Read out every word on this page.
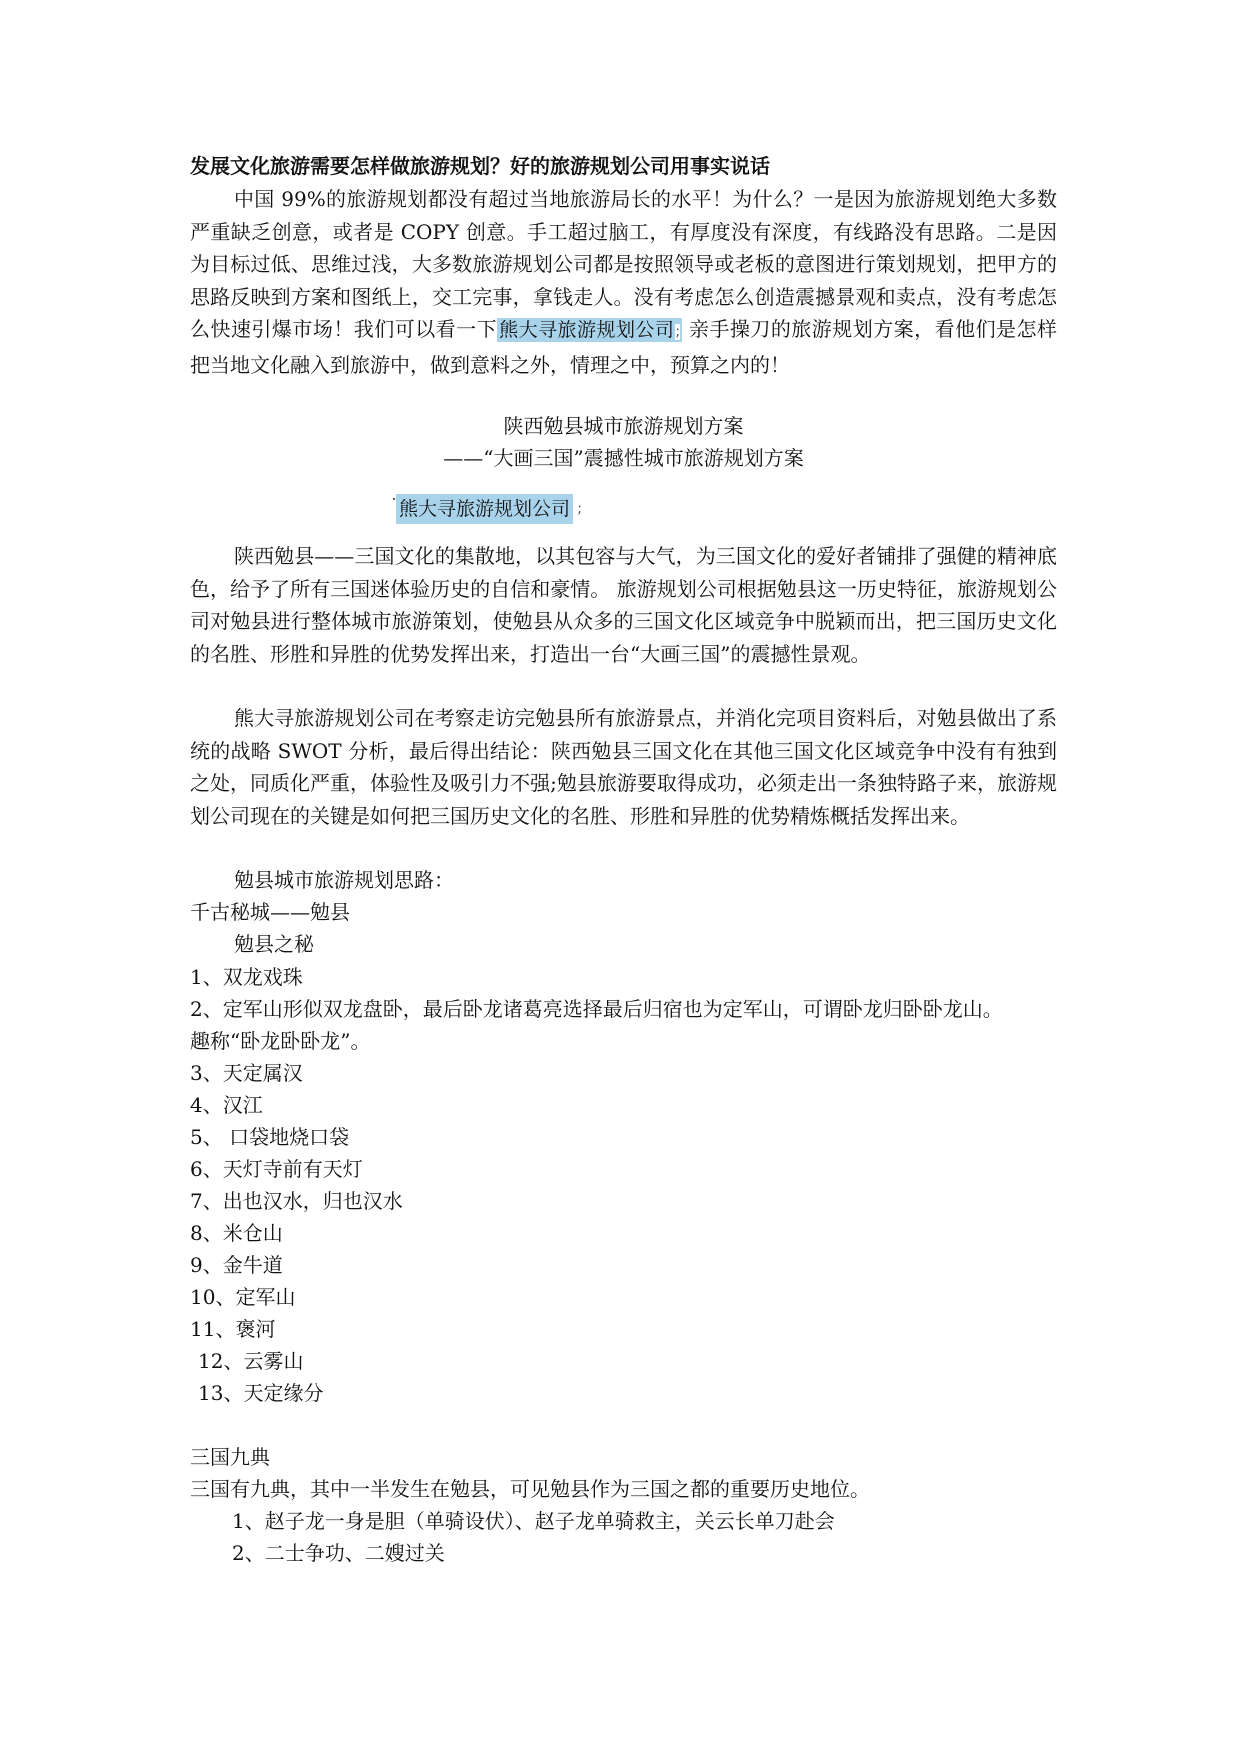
发展文化旅游需要怎样做旅游规划？好的旅游规划公司用事实说话

中国 99%的旅游规划都没有超过当地旅游局长的水平！为什么？一是因为旅游规划绝大多数严重缺乏创意，或者是 COPY 创意。手工超过脑工，有厚度没有深度，有线路没有思路。二是因为目标过低、思维过浅，大多数旅游规划公司都是按照领导或老板的意图进行策划规划，把甲方的思路反映到方案和图纸上，交工完事，拿钱走人。没有考虑怎么创造震撼景观和卖点，没有考虑怎么快速引爆市场！我们可以看一下 熊大寻旅游规划公司 ; 亲手操刀的旅游规划方案，看他们是怎样把当地文化融入到旅游中，做到意料之外，情理之中，预算之内的！

陕西勉县城市旅游规划方案

——“大画三国”震撼性城市旅游规划方案

熊大寻旅游规划公司 ;

陕西勉县——三国文化的集散地，以其包容与大气，为三国文化的爱好者铺排了强健的精神底色，给予了所有三国迷体验历史的自信和豪情。 旅游规划公司根据勉县这一历史特征，旅游规划公司对勉县进行整体城市旅游策划，使勉县从众多的三国文化区域竞争中脱颖而出，把三国历史文化的名胜、形胜和异胜的优势发挥出来，打造出一台“大画三国”的震撼性景观。

熊大寻旅游规划公司在考察走访完勉县所有旅游景点，并消化完项目资料后，对勉县做出了系统的战略 SWOT 分析，最后得出结论：陕西勉县三国文化在其他三国文化区域竞争中没有有独到之处，同质化严重，体验性及吸引力不强;勉县旅游要取得成功，必须走出一条独特路子来，旅游规划公司现在的关键是如何把三国历史文化的名胜、形胜和异胜的优势精炼概括发挥出来。

勉县城市旅游规划思路：

千古秘城——勉县

勉县之秘

1、双龙戏珠

2、定军山形似双龙盘卧，最后卧龙诸葛亮选择最后归宿也为定军山，可谓卧龙归卧卧龙山。

趣称“卧龙卧卧龙”。

3、天定属汉

4、汉江

5、 口袋地烧口袋

6、天灯寺前有天灯

7、出也汉水，归也汉水

8、米仓山

9、金牛道

10、定军山

11、褒河

12、云雾山

13、天定缘分

三国九典

三国有九典，其中一半发生在勉县，可见勉县作为三国之都的重要历史地位。

1、赵子龙一身是胆（单骑设伏）、赵子龙单骑救主，关云长单刀赴会

2、二士争功、二嫂过关
